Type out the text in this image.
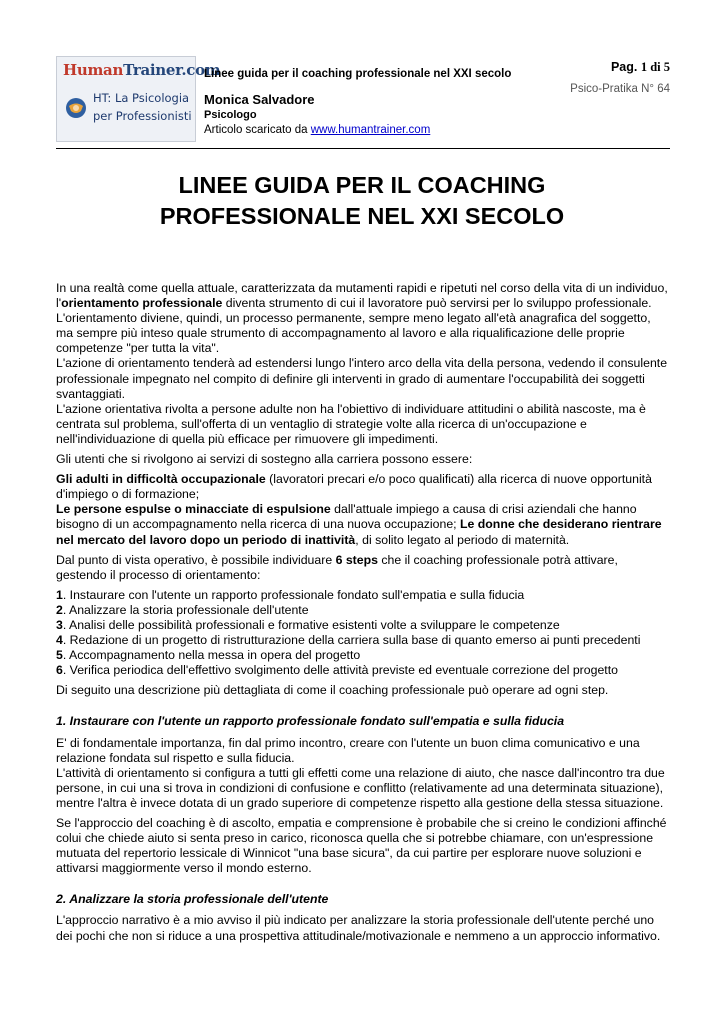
HumanTrainer.com
HT: La Psicologia
per Professionisti
Linee guida per il coaching professionale nel XXI secolo
Monica Salvadore
Psicologo
Articolo scaricato da www.humantrainer.com
Pag. 1 di 5
Psico-Pratika N° 64
LINEE GUIDA PER IL COACHING
PROFESSIONALE NEL XXI SECOLO

In una realtà come quella attuale, caratterizzata da mutamenti rapidi e ripetuti nel corso della vita di un individuo, l'orientamento professionale diventa strumento di cui il lavoratore può servirsi per lo sviluppo professionale.
L'orientamento diviene, quindi, un processo permanente, sempre meno legato all'età anagrafica del soggetto, ma sempre più inteso quale strumento di accompagnamento al lavoro e alla riqualificazione delle proprie competenze "per tutta la vita".
L'azione di orientamento tenderà ad estendersi lungo l'intero arco della vita della persona, vedendo il consulente professionale impegnato nel compito di definire gli interventi in grado di aumentare l'occupabilità dei soggetti svantaggiati.
L'azione orientativa rivolta a persone adulte non ha l'obiettivo di individuare attitudini o abilità nascoste, ma è centrata sul problema, sull'offerta di un ventaglio di strategie volte alla ricerca di un'occupazione e nell'individuazione di quella più efficace per rimuovere gli impedimenti.

Gli utenti che si rivolgono ai servizi di sostegno alla carriera possono essere:

Gli adulti in difficoltà occupazionale (lavoratori precari e/o poco qualificati) alla ricerca di nuove opportunità d'impiego o di formazione;
Le persone espulse o minacciate di espulsione dall'attuale impiego a causa di crisi aziendali che hanno bisogno di un accompagnamento nella ricerca di una nuova occupazione; Le donne che desiderano rientrare nel mercato del lavoro dopo un periodo di inattività, di solito legato al periodo di maternità.

Dal punto di vista operativo, è possibile individuare 6 steps che il coaching professionale potrà attivare, gestendo il processo di orientamento:

1. Instaurare con l'utente un rapporto professionale fondato sull'empatia e sulla fiducia
2. Analizzare la storia professionale dell'utente
3. Analisi delle possibilità professionali e formative esistenti volte a sviluppare le competenze
4. Redazione di un progetto di ristrutturazione della carriera sulla base di quanto emerso ai punti precedenti
5. Accompagnamento nella messa in opera del progetto
6. Verifica periodica dell'effettivo svolgimento delle attività previste ed eventuale correzione del progetto

Di seguito una descrizione più dettagliata di come il coaching professionale può operare ad ogni step.

1. Instaurare con l'utente un rapporto professionale fondato sull'empatia e sulla fiducia

E' di fondamentale importanza, fin dal primo incontro, creare con l'utente un buon clima comunicativo e una relazione fondata sul rispetto e sulla fiducia.
L'attività di orientamento si configura a tutti gli effetti come una relazione di aiuto, che nasce dall'incontro tra due persone, in cui una si trova in condizioni di confusione e conflitto (relativamente ad una determinata situazione), mentre l'altra è invece dotata di un grado superiore di competenze rispetto alla gestione della stessa situazione.

Se l'approccio del coaching è di ascolto, empatia e comprensione è probabile che si creino le condizioni affinché colui che chiede aiuto si senta preso in carico, riconosca quella che si potrebbe chiamare, con un'espressione mutuata del repertorio lessicale di Winnicot "una base sicura", da cui partire per esplorare nuove soluzioni e attivarsi maggiormente verso il mondo esterno.

2. Analizzare la storia professionale dell'utente

L'approccio narrativo è a mio avviso il più indicato per analizzare la storia professionale dell'utente perché uno dei pochi che non si riduce a una prospettiva attitudinale/motivazionale e nemmeno a un approccio informativo.
